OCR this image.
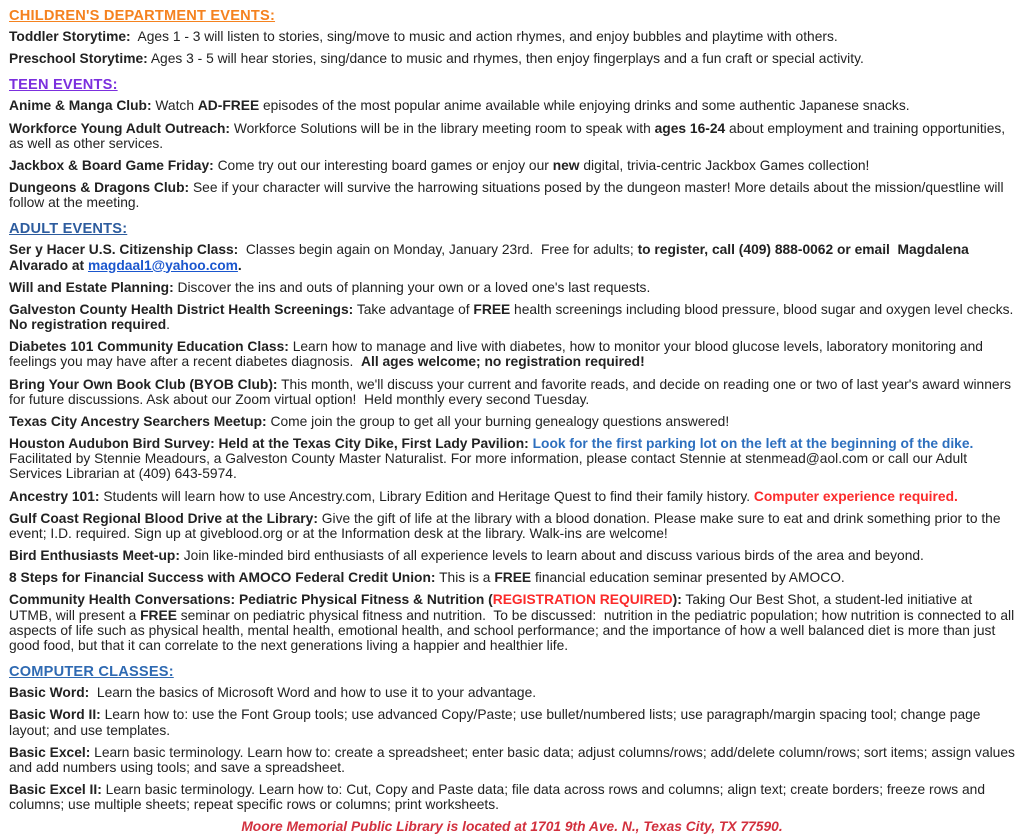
CHILDREN'S DEPARTMENT EVENTS:

Toddler Storytime:  Ages 1 - 3 will listen to stories, sing/move to music and action rhymes, and enjoy bubbles and playtime with others.

Preschool Storytime: Ages 3 - 5 will hear stories, sing/dance to music and rhymes, then enjoy fingerplays and a fun craft or special activity.

TEEN EVENTS:

Anime & Manga Club: Watch AD-FREE episodes of the most popular anime available while enjoying drinks and some authentic Japanese snacks.

Workforce Young Adult Outreach: Workforce Solutions will be in the library meeting room to speak with ages 16-24 about employment and training opportunities, as well as other services.

Jackbox & Board Game Friday: Come try out our interesting board games or enjoy our new digital, trivia-centric Jackbox Games collection!

Dungeons & Dragons Club: See if your character will survive the harrowing situations posed by the dungeon master! More details about the mission/questline will follow at the meeting.

ADULT EVENTS:

Ser y Hacer U.S. Citizenship Class:  Classes begin again on Monday, January 23rd.  Free for adults; to register, call (409) 888-0062 or email  Magdalena Alvarado at magdaal1@yahoo.com.

Will and Estate Planning: Discover the ins and outs of planning your own or a loved one's last requests.

Galveston County Health District Health Screenings: Take advantage of FREE health screenings including blood pressure, blood sugar and oxygen level checks.  No registration required.

Diabetes 101 Community Education Class: Learn how to manage and live with diabetes, how to monitor your blood glucose levels, laboratory monitoring and feelings you may have after a recent diabetes diagnosis.  All ages welcome; no registration required!

Bring Your Own Book Club (BYOB Club): This month, we'll discuss your current and favorite reads, and decide on reading one or two of last year's award winners for future discussions. Ask about our Zoom virtual option!  Held monthly every second Tuesday.

Texas City Ancestry Searchers Meetup: Come join the group to get all your burning genealogy questions answered!

Houston Audubon Bird Survey: Held at the Texas City Dike, First Lady Pavilion: Look for the first parking lot on the left at the beginning of the dike. Facilitated by Stennie Meadours, a Galveston County Master Naturalist. For more information, please contact Stennie at stenmead@aol.com or call our Adult Services Librarian at (409) 643-5974.

Ancestry 101: Students will learn how to use Ancestry.com, Library Edition and Heritage Quest to find their family history. Computer experience required.

Gulf Coast Regional Blood Drive at the Library: Give the gift of life at the library with a blood donation. Please make sure to eat and drink something prior to the event; I.D. required. Sign up at giveblood.org or at the Information desk at the library. Walk-ins are welcome!

Bird Enthusiasts Meet-up: Join like-minded bird enthusiasts of all experience levels to learn about and discuss various birds of the area and beyond.

8 Steps for Financial Success with AMOCO Federal Credit Union: This is a FREE financial education seminar presented by AMOCO.

Community Health Conversations: Pediatric Physical Fitness & Nutrition (REGISTRATION REQUIRED): Taking Our Best Shot, a student-led initiative at UTMB, will present a FREE seminar on pediatric physical fitness and nutrition.  To be discussed:  nutrition in the pediatric population; how nutrition is connected to all aspects of life such as physical health, mental health, emotional health, and school performance; and the importance of how a well balanced diet is more than just good food, but that it can correlate to the next generations living a happier and healthier life.

COMPUTER CLASSES:

Basic Word:  Learn the basics of Microsoft Word and how to use it to your advantage.

Basic Word II: Learn how to: use the Font Group tools; use advanced Copy/Paste; use bullet/numbered lists; use paragraph/margin spacing tool; change page layout; and use templates.

Basic Excel: Learn basic terminology. Learn how to: create a spreadsheet; enter basic data; adjust columns/rows; add/delete column/rows; sort items; assign values and add numbers using tools; and save a spreadsheet.

Basic Excel II: Learn basic terminology. Learn how to: Cut, Copy and Paste data; file data across rows and columns; align text; create borders; freeze rows and columns; use multiple sheets; repeat specific rows or columns; print worksheets.

Moore Memorial Public Library is located at 1701 9th Ave. N., Texas City, TX 77590.
